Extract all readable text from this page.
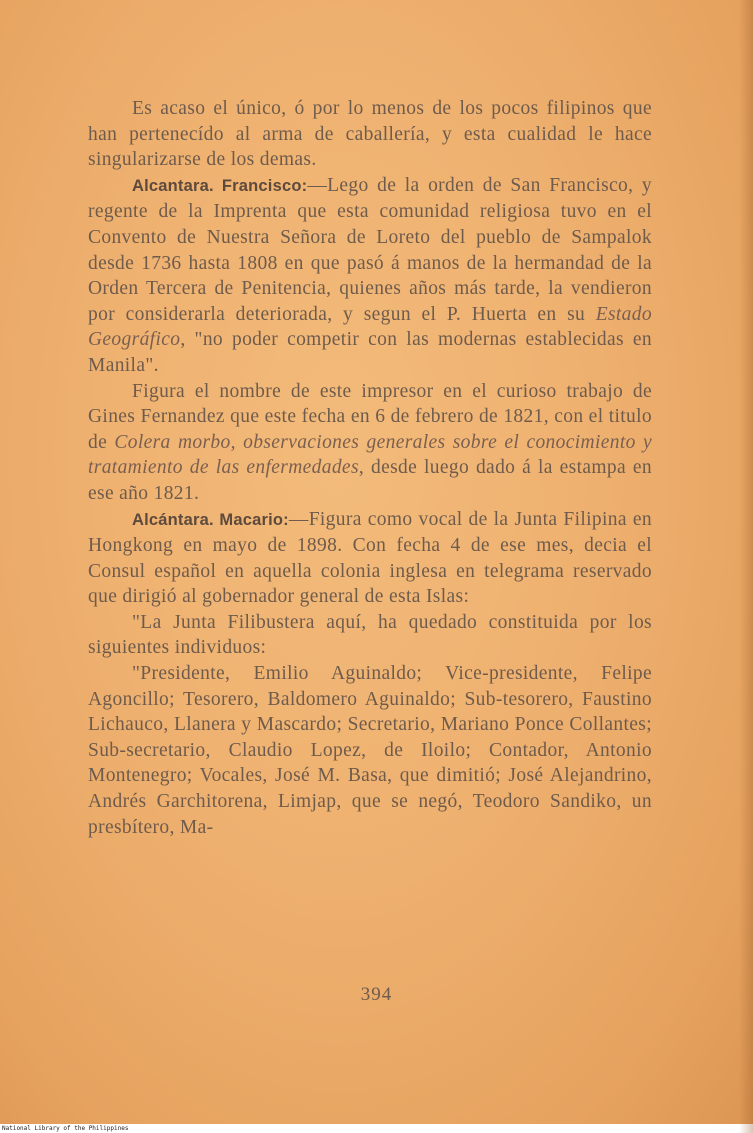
Es acaso el único, ó por lo menos de los pocos filipinos que han pertenecído al arma de caballería, y esta cualidad le hace singularizarse de los demas.

Alcantara. Francisco:—Lego de la orden de San Francisco, y regente de la Imprenta que esta comunidad religiosa tuvo en el Convento de Nuestra Señora de Loreto del pueblo de Sampalok desde 1736 hasta 1808 en que pasó á manos de la hermandad de la Orden Tercera de Penitencia, quienes años más tarde, la vendieron por considerarla deteriorada, y segun el P. Huerta en su Estado Geográfico, "no poder competir con las modernas establecidas en Manila".

Figura el nombre de este impresor en el curioso trabajo de Gines Fernandez que este fecha en 6 de febrero de 1821, con el titulo de Colera morbo, observaciones generales sobre el conocimiento y tratamiento de las enfermedades, desde luego dado á la estampa en ese año 1821.

Alcántara. Macario:—Figura como vocal de la Junta Filipina en Hongkong en mayo de 1898. Con fecha 4 de ese mes, decia el Consul español en aquella colonia inglesa en telegrama reservado que dirigió al gobernador general de esta Islas:

"La Junta Filibustera aquí, ha quedado constituida por los siguientes individuos:

"Presidente, Emilio Aguinaldo; Vice-presidente, Felipe Agoncillo; Tesorero, Baldomero Aguinaldo; Sub-tesorero, Faustino Lichauco, Llanera y Mascardo; Secretario, Mariano Ponce Collantes; Sub-secretario, Claudio Lopez, de Iloilo; Contador, Antonio Montenegro; Vocales, José M. Basa, que dimitió; José Alejandrino, Andrés Garchitorena, Limjap, que se negó, Teodoro Sandiko, un presbítero, Ma-

394
National Library of the Philippines
